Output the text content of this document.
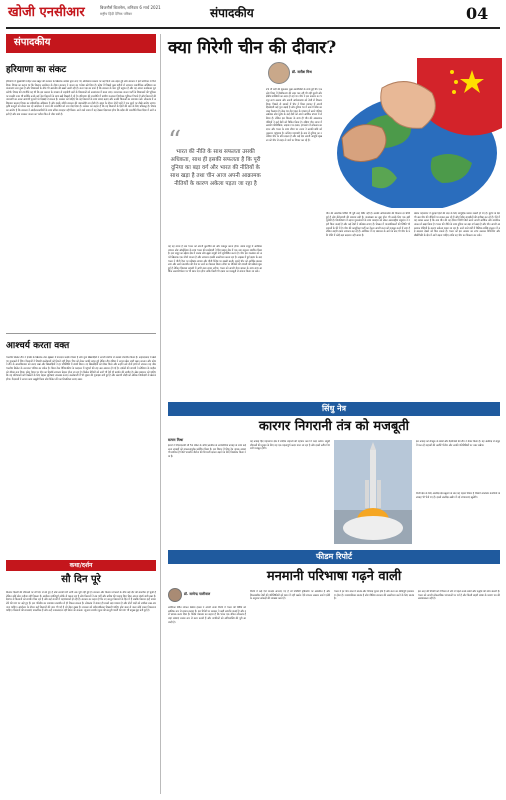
खोजी एनसीआर	बिजनौर्स बिजनेस, शनिवार 6 मार्च 2021
राष्ट्रीय हिंदी दैनिक पत्रिका	संपादकीय	04
संपादकीय
हरियाणा का संकट
हरियाणा में मुख्यमंत्री मनोहर लाल खट्टर की सरकार के खिलाफ कांग्रेस द्वारा लाए गए अविश्वास प्रस्ताव पर कई दिनों तक बहस हुई और सरकार ने इसे ध्वनिमत से गिरा दिया। विपक्ष का कहना था कि किसान आंदोलन के दौरान सरकार ने जनता का भरोसा खो दिया है। प्रदेश में पिछले कुछ महीनों से लगातार राजनीतिक अस्थिरता का वातावरण बना हुआ है और विधायकों के बीच भी असंतोष की खबरें आती रही हैं। सत्ता पक्ष का दावा है कि सरकार के पास पूर्ण बहुमत है और वह अपना कार्यकाल पूरा करेगी। विपक्ष की रणनीति यह थी कि इस प्रस्ताव के माध्यम से सहयोगी दलों के विधायकों को असमंजस में डाला जाए। जननायक जनता पार्टी के विधायकों की भूमिका पर सबकी नजर थी क्योंकि उनके कई नेता किसानों के साथ खड़े दिखाई दे रहे थे। हरियाणा की राजनीति में ग्रामीण मतदाता निर्णायक भूमिका निभाते हैं और किसानों की नाराजगी का असर आगामी चुनावों पर दिखाई दे सकता है। सरकार को चाहिए कि वह किसानों के साथ संवाद बढ़ाए और उनकी चिंताओं का समाधान करे। लोकतंत्र में अविश्वास प्रस्ताव विपक्ष का संवैधानिक अधिकार है और इसके जरिये सरकार की जवाबदेही तय होती है। बहस के दौरान दोनों पक्षों ने एक दूसरे पर तीखे आरोप लगाए। कृषि कानूनों को लेकर चल रहे आंदोलन ने राज्य की राजनीति को नया मोड़ दिया है। सरकार का कहना है कि वह किसानों के हितों की रक्षा के लिए प्रतिबद्ध है। विपक्ष का आरोप है कि सरकार ने आंदोलनकारियों के साथ उचित व्यवहार नहीं किया। आने वाले समय में यह देखना दिलचस्प होगा कि प्रदेश की राजनीति किस दिशा में आगे बढ़ती है और क्या सरकार जनता का भरोसा फिर से जीत पाती है।
आश्चर्य करता वक्त
भारतीय क्रिकेट टीम ने इंग्लैंड के खिलाफ टेस्ट श्रृंखला में शानदार प्रदर्शन किया है और युवा खिलाड़ियों ने अपनी प्रतिभा से सबको प्रभावित किया है। अहमदाबाद में खेले गए मुकाबले में स्पिन गेंदबाजों ने विपक्षी बल्लेबाजों को टिकने नहीं दिया। पिच को लेकर काफी बहस हुई लेकिन टीम इंडिया ने अपना खेल जारी रखा। कप्तान और कोच ने टीम के आत्मविश्वास को बनाए रखा और खिलाड़ियों ने हर परिस्थिति में संघर्ष किया। नए खिलाड़ियों को मौका मिला और उन्होंने उसे दोनों हाथों से लपका। यह जीत भारतीय क्रिकेट के उज्ज्वल भविष्य का संकेत है। विश्व टेस्ट चैंपियनशिप के फाइनल में पहुंचने की राह अब आसान हो गई है। दर्शकों की वापसी ने स्टेडियम के माहौल को जीवंत बना दिया। घरेलू मैदान पर टीम का रिकॉर्ड लगातार बेहतर होता जा रहा है। क्रिकेट प्रेमियों को आगे भी ऐसे ही प्रदर्शन की उम्मीद है। खेल प्रशासन को चाहिए कि वह प्रतिभाओं को निखारने के लिए बेहतर सुविधाएं उपलब्ध कराए। बल्लेबाजी में भी सुधार की गुंजाइश बनी हुई है और सलामी जोड़ी को अधिक जिम्मेदारी से खेलना होगा। गेंदबाजों ने अपना काम बखूबी किया और विकेट लेने का सिलसिला बनाए रखा।
कथा/दर्शन
सौ दिन पूरे
किसान दिल्ली की सीमाओं पर सौ दिन से डटे हुए हैं और उनकी मांगें अभी तक पूरी नहीं हुई हैं। सरकार और किसान संगठनों के बीच कई दौर की बातचीत हो चुकी है लेकिन कोई ठोस नतीजा नहीं निकला है। आंदोलन शांतिपूर्ण तरीके से चलता रहा है और किसानों ने ठंड गर्मी और बारिश की परवाह किए बिना अपना संघर्ष जारी रखा है। देशभर से किसानों को समर्थन मिल रहा है और कई राज्यों में महापंचायतें हो रही हैं। सरकार का कहना है कि नए कानून किसानों के हित में हैं जबकि किसान इन्हें वापस लेने की मांग पर अड़े हुए हैं। इस गतिरोध का समाधान बातचीत से ही निकल सकता है। लोकतंत्र में संवाद ही सबसे बड़ा माध्यम है और दोनों पक्षों को लचीला रुख अपनाना चाहिए। आंदोलन के दौरान कई किसानों की जान भी गई है जो बेहद दुखद है। सरकार को संवेदनशीलता दिखानी चाहिए और जल्द से जल्द कोई रास्ता निकालना चाहिए। किसानों की समस्याएं वास्तविक हैं और उन्हें नजरअंदाज नहीं किया जा सकता। न्यूनतम समर्थन मूल्य की कानूनी गारंटी की मांग भी प्रमुख मुद्दा बनी हुई है।
क्या गिरेगी चीन की दीवार?
डॉ. सतीश मिश्र
“
भारत की नीति के साथ सफलता उसकी अधिकता, साथ ही इसकी सफलता है कि पूरी दुनिया का बड़ा वर्ग और भारत की नीतियों के साथ खड़ा है तथा चीन आज अपनी आक्रामक नीतियों के कारण अकेला पड़ता जा रहा है
21 वीं सदी की शुरुआत कुछ अंतर्विरोधों के साथ हुई थी। एक ओर विश्व में वैश्वीकरण की लहर चल रही थी वहीं दूसरी ओर क्षेत्रीय शक्तियों का उदय हो रहा था। चीन ने इस अवसर का भरपूर लाभ उठाया और अपनी अर्थव्यवस्था को तेजी से विस्तार दिया। पिछले दो दशकों में चीन ने विश्व व्यापार में अपनी हिस्सेदारी कई गुना बढ़ाई है और दुनिया भर में अपने निवेश का जाल फैलाया है। बेल्ट एंड रोड पहल के माध्यम से उसने एशिया अफ्रीका और यूरोप के कई देशों को अपने आर्थिक प्रभाव में ले लिया है। लेकिन इस विस्तार के साथ ही चीन की आक्रामक नीतियों ने कई देशों को चिंतित किया है। दक्षिण चीन सागर में उसकी गतिविधियां, ताइवान पर दबाव, हांगकांग में लोकतंत्र का दमन और भारत के साथ सीमा पर तनाव ने उसकी छवि को नुकसान पहुंचाया है। कोरोना महामारी के बाद से दुनिया का नजरिया चीन के प्रति बदला है और कई देश अपनी आपूर्ति श्रृंखला को चीन से बाहर ले जाने पर विचार कर रहे हैं।
यह वह समय है जब भारत को अपनी कूटनीति को और मजबूत करना होगा। क्वाड समूह में अमेरिका जापान और ऑस्ट्रेलिया के साथ भारत की साझेदारी ने हिंद प्रशांत क्षेत्र में एक नया संतुलन स्थापित किया है। इस समूह का उद्देश्य क्षेत्र में स्वतंत्र और खुला समुद्री मार्ग सुनिश्चित करना है। चीन इस गठबंधन को अपने खिलाफ एक मोर्चा मानता है और लगातार इसकी आलोचना करता रहा है। लद्दाख में हुई झड़प के बाद भारत ने चीनी ऐप्स पर प्रतिबंध लगाया और चीनी निवेश पर सख्ती बरती। इससे चीन को आर्थिक झटका लगा और उसने बातचीत की मेज पर आने का फैसला किया। सीमा पर सैनिकों की वापसी की प्रक्रिया शुरू हुई है लेकिन विश्वास बहाली में अभी लंबा समय लगेगा। भारत को अपनी सैन्य क्षमता के साथ साथ आर्थिक आत्मनिर्भरता पर भी ध्यान देना होगा ताकि किसी भी दबाव का मजबूती से सामना किया जा सके।
चीन की आंतरिक स्थिति भी पूरी तरह स्थिर नहीं है। उसकी अर्थव्यवस्था की विकास दर धीमी हुई है और बेरोजगारी की समस्या बढ़ी है। जनसंख्या का बूढ़ा होना भी उसके लिए एक बड़ी चुनौती है। शिनजियांग में उइगर मुसलमानों के साथ व्यवहार को लेकर अंतरराष्ट्रीय समुदाय ने गहरी चिंता जताई है और कई देशों ने प्रतिबंध लगाए हैं। तिब्बत में मानवाधिकारों की स्थिति भी सवालों के घेरे में है। चीन की कम्युनिस्ट पार्टी का नेतृत्व अपनी सत्ता को मजबूत करने में लगा है लेकिन बाहरी दबाव लगातार बढ़ रहे हैं। अमेरिका में नए प्रशासन के आने के बाद भी चीन के प्रति नीति में कोई बड़ा बदलाव नहीं आया है।
प्रशांत महासागर में सुरक्षा हितों की रक्षा के लिए सामूहिक प्रयास जरूरी हो गए हैं। यूरोप के देश भी अब चीन की नीतियों पर सवाल उठा रहे हैं और निवेश समझौतों की समीक्षा कर रहे हैं। ऐसे में यह सवाल उठता है कि क्या चीन की वह दीवार गिरेगी जिसे उसने अपनी आर्थिक और सामरिक ताकत से खड़ा किया है। भारत की नीति के साथ दुनिया का बड़ा वर्ग खड़ा है और चीन अपनी आक्रामक नीतियों के कारण अकेला पड़ता जा रहा है। आने वाले वर्षों में वैश्विक शक्ति संतुलन में बड़े बदलाव देखने को मिल सकते हैं। भारत को इस अवसर का लाभ उठाकर विनिर्माण और प्रौद्योगिकी के क्षेत्र में आगे बढ़ना चाहिए ताकि वह चीन का विकल्प बन सके।
सिंधु नेत्र
कारगर निगरानी तंत्र को मजबूती
सत्यम मिश्रा
इसरो ने पीएसएलवी सी 51 रॉकेट के जरिए ब्राजील के अमेजोनिया उपग्रह के साथ कई अन्य उपग्रहों को सफलतापूर्वक प्रक्षेपित किया है। इस मिशन में सिंधु नेत्र नामक उपग्रह भी शामिल है जिसे भारतीय नौसेना की निगरानी क्षमता बढ़ाने के लिए विकसित किया गया है।
यह उपग्रह हिंद महासागर क्षेत्र में संदिग्ध जहाजों की पहचान करने में मदद करेगा। समुद्री सीमाओं की सुरक्षा के लिए यह एक महत्वपूर्ण कदम माना जा रहा है और इससे तटीय निगरानी मजबूत होगी।
इस उपग्रह को बेंगलुरु के छात्रों और वैज्ञानिकों की टीम ने तैयार किया है। यह अंतरिक्ष से समुद्र में चल रहे जहाजों की तस्वीरें भेजेगा और उनकी गतिविधियों पर नजर रखेगा।
निजी क्षेत्र के लिए अंतरिक्ष क्षेत्र खुलने के बाद यह पहला मिशन है जिसमें स्टार्टअप कंपनियों के उपग्रह भी भेजे गए हैं। इससे अंतरिक्ष उद्योग में नई संभावनाएं खुलेंगी।
फीडम रिपोर्ट
मनमानी परिभाषा गढ़ने वाली
डॉ. सत्येन्द्र पालीवाल
अमेरिका स्थित संगठन फ्रीडम हाउस ने अपनी ताजा रिपोर्ट में भारत की स्थिति को आंशिक रूप से स्वतंत्र बताया है। इस रिपोर्ट पर सरकार ने कड़ी आपत्ति जताई है और इसे भ्रामक करार दिया है। विदेश मंत्रालय का कहना है कि भारत एक जीवंत लोकतंत्र है जहां संस्थाएं स्वतंत्र रूप से काम करती हैं और नागरिकों को अभिव्यक्ति की पूरी आजादी है।
रिपोर्ट में कई ऐसे मानदंड अपनाए गए हैं जो पश्चिमी दृष्टिकोण पर आधारित हैं और विकासशील देशों की परिस्थितियों को ध्यान में नहीं रखते। ऐसे संगठन अक्सर अपने एजेंडे के अनुसार आंकड़ों की व्याख्या करते हैं।
भारत में हर पांच साल में स्वतंत्र और निष्पक्ष चुनाव होते हैं और सत्ता का शांतिपूर्ण हस्तांतरण होता है। न्यायपालिका स्वतंत्र है और मीडिया सरकार की आलोचना करने के लिए स्वतंत्र है।
इस तरह की रिपोर्टों को गंभीरता से लेने से पहले उनके स्रोतों और पद्धति की जांच जरूरी है। भारत को अपनी लोकतांत्रिक परंपराओं पर गर्व है और किसी बाहरी संस्था के प्रमाण पत्र की आवश्यकता नहीं है।
